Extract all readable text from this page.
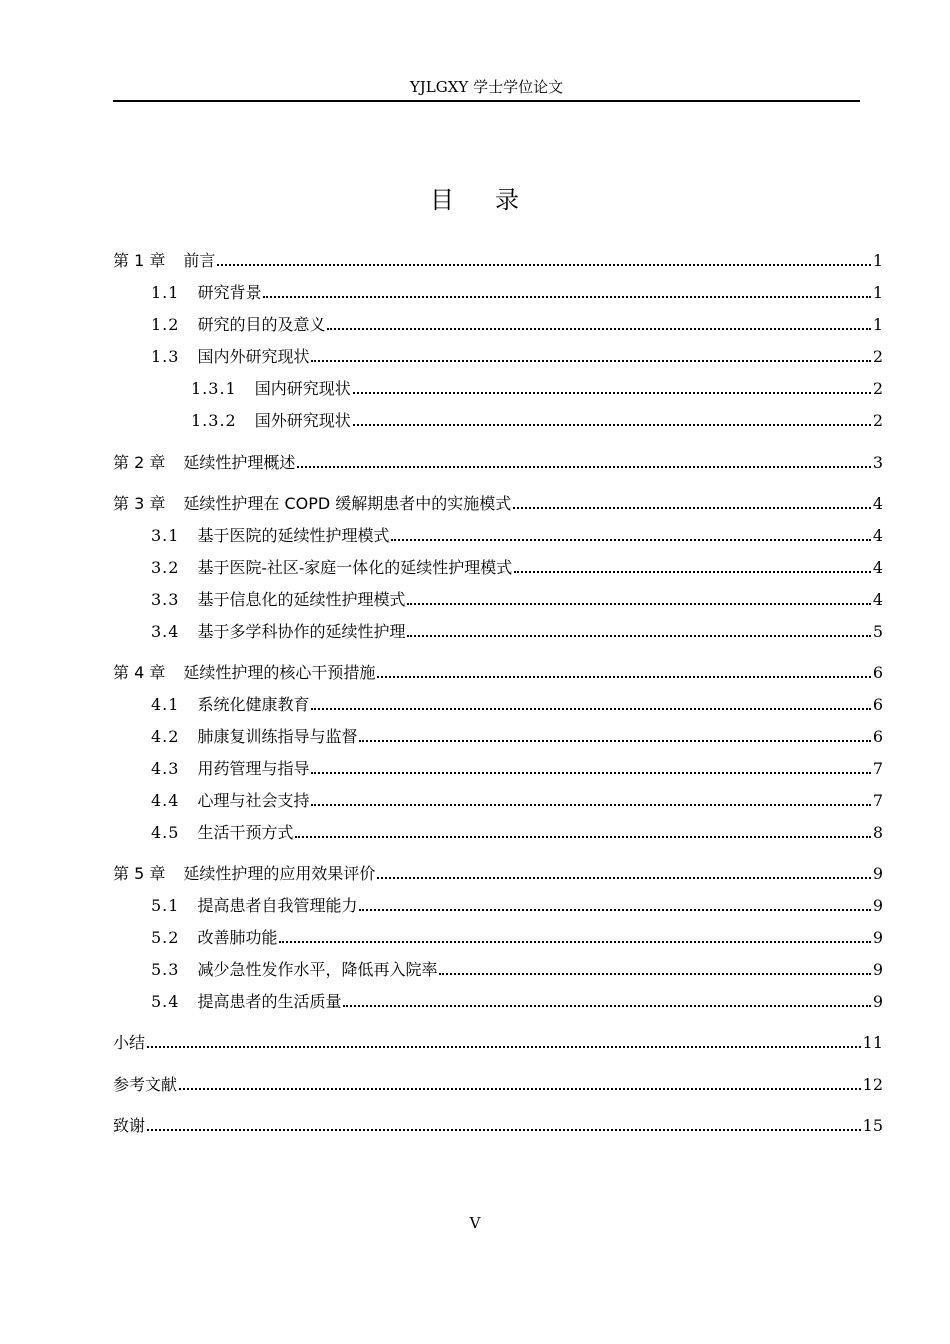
YJLGXY 学士学位论文
目 录
第 1 章 前言	1
1.1 研究背景	1
1.2 研究的目的及意义	1
1.3 国内外研究现状	2
1.3.1 国内研究现状	2
1.3.2 国外研究现状	2
第 2 章 延续性护理概述	3
第 3 章 延续性护理在 COPD 缓解期患者中的实施模式	4
3.1 基于医院的延续性护理模式	4
3.2 基于医院-社区-家庭一体化的延续性护理模式	4
3.3 基于信息化的延续性护理模式	4
3.4 基于多学科协作的延续性护理	5
第 4 章 延续性护理的核心干预措施	6
4.1 系统化健康教育	6
4.2 肺康复训练指导与监督	6
4.3 用药管理与指导	7
4.4 心理与社会支持	7
4.5 生活干预方式	8
第 5 章 延续性护理的应用效果评价	9
5.1 提高患者自我管理能力	9
5.2 改善肺功能	9
5.3 减少急性发作水平，降低再入院率	9
5.4 提高患者的生活质量	9
小结	11
参考文献	12
致谢	15
V
